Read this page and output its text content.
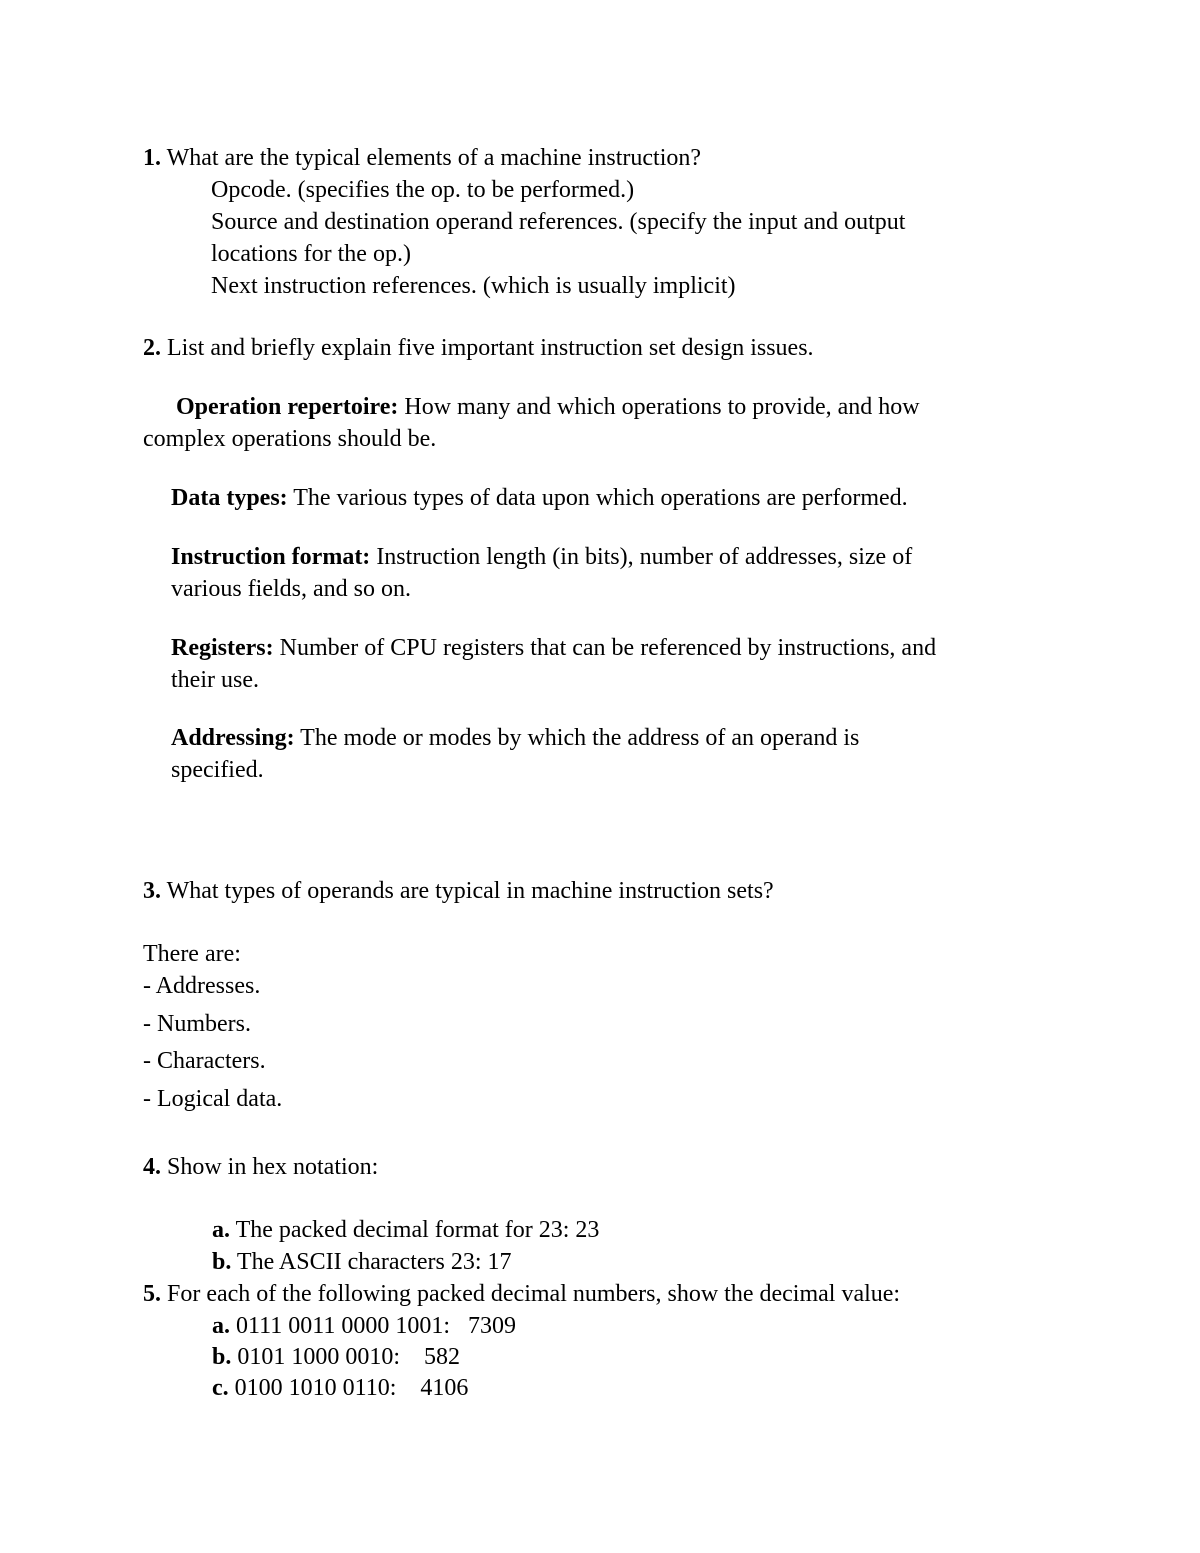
1. What are the typical elements of a machine instruction?
Opcode. (specifies the op. to be performed.)
Source and destination operand references. (specify the input and output
locations for the op.)
Next instruction references. (which is usually implicit)
2. List and briefly explain five important instruction set design issues.
Operation repertoire: How many and which operations to provide, and how
complex operations should be.
Data types: The various types of data upon which operations are performed.
Instruction format: Instruction length (in bits), number of addresses, size of
various fields, and so on.
Registers: Number of CPU registers that can be referenced by instructions, and
their use.
Addressing: The mode or modes by which the address of an operand is
specified.
3. What types of operands are typical in machine instruction sets?
There are:
- Addresses.
- Numbers.
- Characters.
- Logical data.
4. Show in hex notation:
a. The packed decimal format for 23: 23
b. The ASCII characters 23: 17
5. For each of the following packed decimal numbers, show the decimal value:
a. 0111 0011 0000 1001:   7309
b. 0101 1000 0010:    582
c. 0100 1010 0110:    4106
